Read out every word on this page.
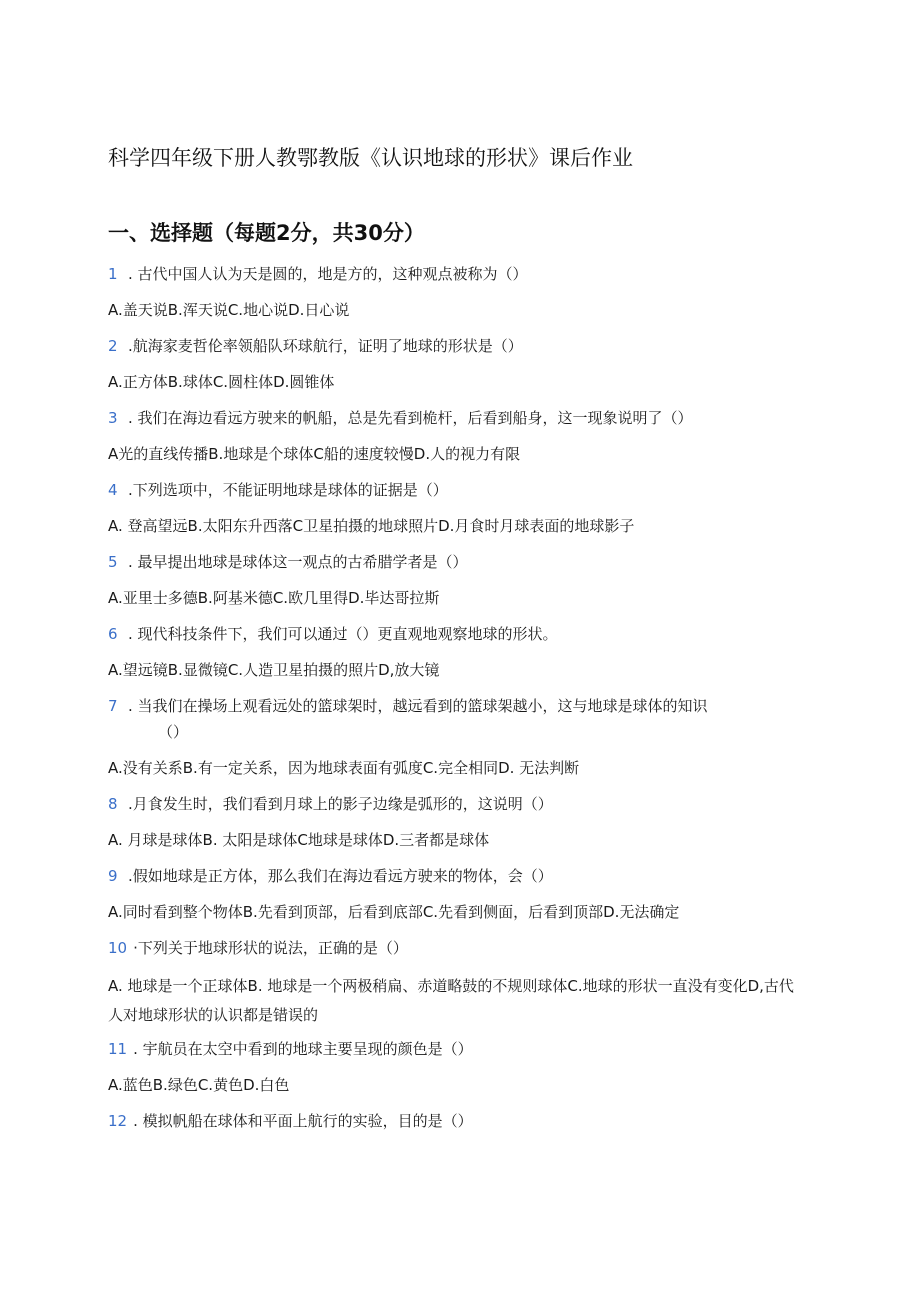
科学四年级下册人教鄂教版《认识地球的形状》课后作业
一、选择题（每题2分，共30分）
1 . 古代中国人认为天是圆的，地是方的，这种观点被称为（）
A.盖天说B.浑天说C.地心说D.日心说
2 .航海家麦哲伦率领船队环球航行，证明了地球的形状是（）
A.正方体B.球体C.圆柱体D.圆锥体
3 . 我们在海边看远方驶来的帆船，总是先看到桅杆，后看到船身，这一现象说明了（）
A光的直线传播B.地球是个球体C船的速度较慢D.人的视力有限
4 .下列选项中，不能证明地球是球体的证据是（）
A. 登高望远B.太阳东升西落C卫星拍摄的地球照片D.月食时月球表面的地球影子
5 . 最早提出地球是球体这一观点的古希腊学者是（）
A.亚里士多德B.阿基米德C.欧几里得D.毕达哥拉斯
6 . 现代科技条件下，我们可以通过（）更直观地观察地球的形状。
A.望远镜B.显微镜C.人造卫星拍摄的照片D,放大镜
7 . 当我们在操场上观看远处的篮球架时，越远看到的篮球架越小，这与地球是球体的知识
（）
A.没有关系B.有一定关系，因为地球表面有弧度C.完全相同D. 无法判断
8 .月食发生时，我们看到月球上的影子边缘是弧形的，这说明（）
A. 月球是球体B. 太阳是球体C地球是球体D.三者都是球体
9 .假如地球是正方体，那么我们在海边看远方驶来的物体，会（）
A.同时看到整个物体B.先看到顶部，后看到底部C.先看到侧面，后看到顶部D.无法确定
10 ·下列关于地球形状的说法，正确的是（）
A. 地球是一个正球体B. 地球是一个两极稍扁、赤道略鼓的不规则球体C.地球的形状一直没有变化D,古代人对地球形状的认识都是错误的
11 . 宇航员在太空中看到的地球主要呈现的颜色是（）
A.蓝色B.绿色C.黄色D.白色
12 . 模拟帆船在球体和平面上航行的实验，目的是（）
